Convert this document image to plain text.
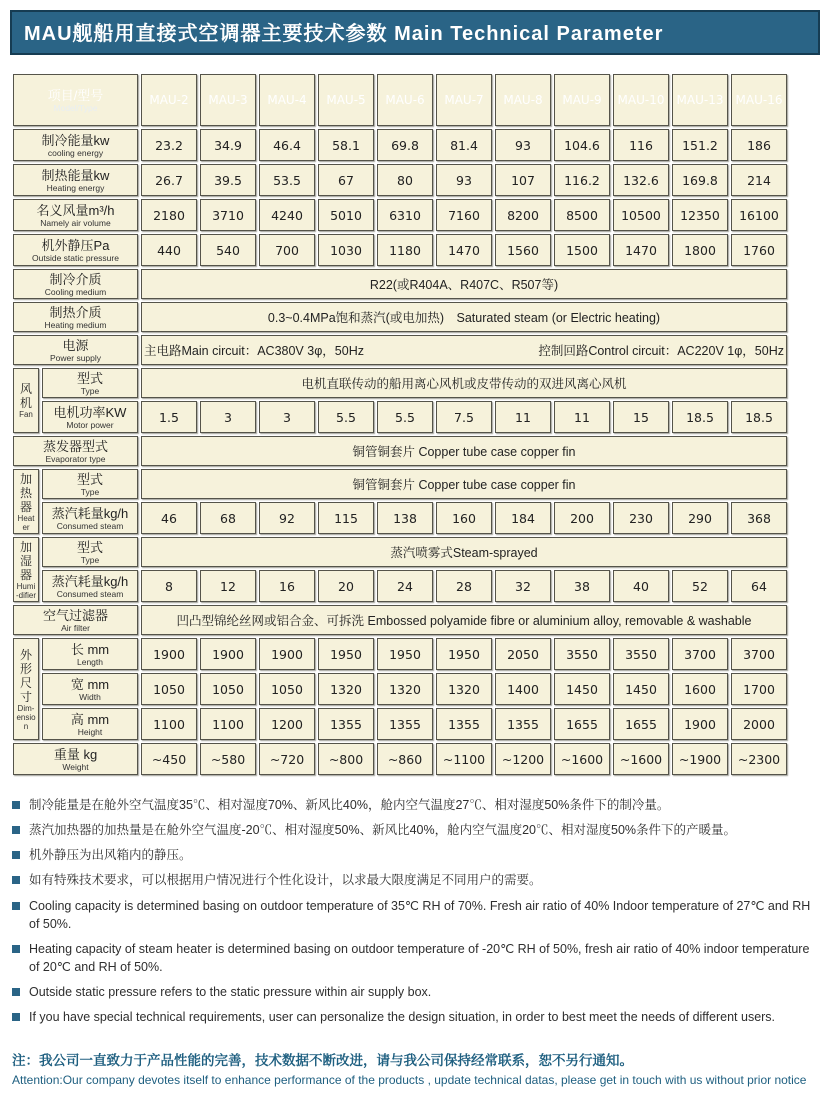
MAU舰船用直接式空调器主要技术参数 Main Technical Parameter
项目/型号
Model/Type		MAU-2	MAU-3	MAU-4	MAU-5	MAU-6	MAU-7	MAU-8	MAU-9	MAU-10	MAU-13	MAU-16

制冷能量kw
cooling energy		23.2	34.9	46.4	58.1	69.8	81.4	93	104.6	116	151.2	186

制热能量kw
Heating energy		26.7	39.5	53.5	67	80	93	107	116.2	132.6	169.8	214

名义风量m³/h
Namely air volume		2180	3710	4240	5010	6310	7160	8200	8500	10500	12350	16100

机外静压Pa
Outside static pressure		440	540	700	1030	1180	1470	1560	1500	1470	1800	1760

制冷介质
Cooling medium		R22(或R404A、R407C、R507等)										

制热介质
Heating medium		0.3~0.4MPa饱和蒸汽(或电加热)　Saturated steam (or Electric heating)										

电源
Power supply		主电路Main circuit：AC380V 3φ，50Hz 控制回路Control circuit：AC220V 1φ，50Hz										

风机
Fan	型式
Type	电机直联传动的船用离心风机或皮带传动的双进风离心风机										

	电机功率KW
Motor power	1.5	3	3	5.5	5.5	7.5	11	11	15	18.5	18.5

蒸发器型式
Evaporator type		铜管铜套片 Copper tube case copper fin										

加热器
Heater	型式
Type	铜管铜套片 Copper tube case copper fin										

	蒸汽耗量kg/h
Consumed steam	46	68	92	115	138	160	184	200	230	290	368

加湿器
Humi-difier	型式
Type	蒸汽喷雾式Steam-sprayed										

	蒸汽耗量kg/h
Consumed steam	8	12	16	20	24	28	32	38	40	52	64

空气过滤器
Air filter		凹凸型锦纶丝网或铝合金、可拆洗 Embossed polyamide fibre or aluminium alloy, removable & washable										

外形尺寸
Dim-ension	长 mm
Length	1900	1900	1900	1950	1950	1950	2050	3550	3550	3700	3700

	宽 mm
Width	1050	1050	1050	1320	1320	1320	1400	1450	1450	1600	1700

	高 mm
Height	1100	1100	1200	1355	1355	1355	1355	1655	1655	1900	2000

重量 kg
Weight		~450	~580	~720	~800	~860	~1100	~1200	~1600	~1600	~1900	~2300
制冷能量是在舱外空气温度35℃、相对湿度70%、新风比40%，舱内空气温度27℃、相对湿度50%条件下的制冷量。
蒸汽加热器的加热量是在舱外空气温度-20℃、相对湿度50%、新风比40%，舱内空气温度20℃、相对湿度50%条件下的产暖量。
机外静压为出风箱内的静压。
如有特殊技术要求，可以根据用户情况进行个性化设计，以求最大限度满足不同用户的需要。
Cooling capacity is determined basing on outdoor temperature of 35℃ RH of 70%. Fresh air ratio of 40% Indoor temperature of 27℃ and RH of 50%.
Heating capacity of steam heater is determined basing on outdoor temperature of -20℃ RH of 50%, fresh air ratio of 40% indoor temperature of 20℃ and RH of 50%.
Outside static pressure refers to the static pressure within air supply box.
If you have special technical requirements, user can personalize the design situation, in order to best meet the needs of different users.
注：我公司一直致力于产品性能的完善，技术数据不断改进，请与我公司保持经常联系，恕不另行通知。
Attention:Our company devotes itself to enhance performance of the products , update technical datas, please get in touch with us without prior notice
